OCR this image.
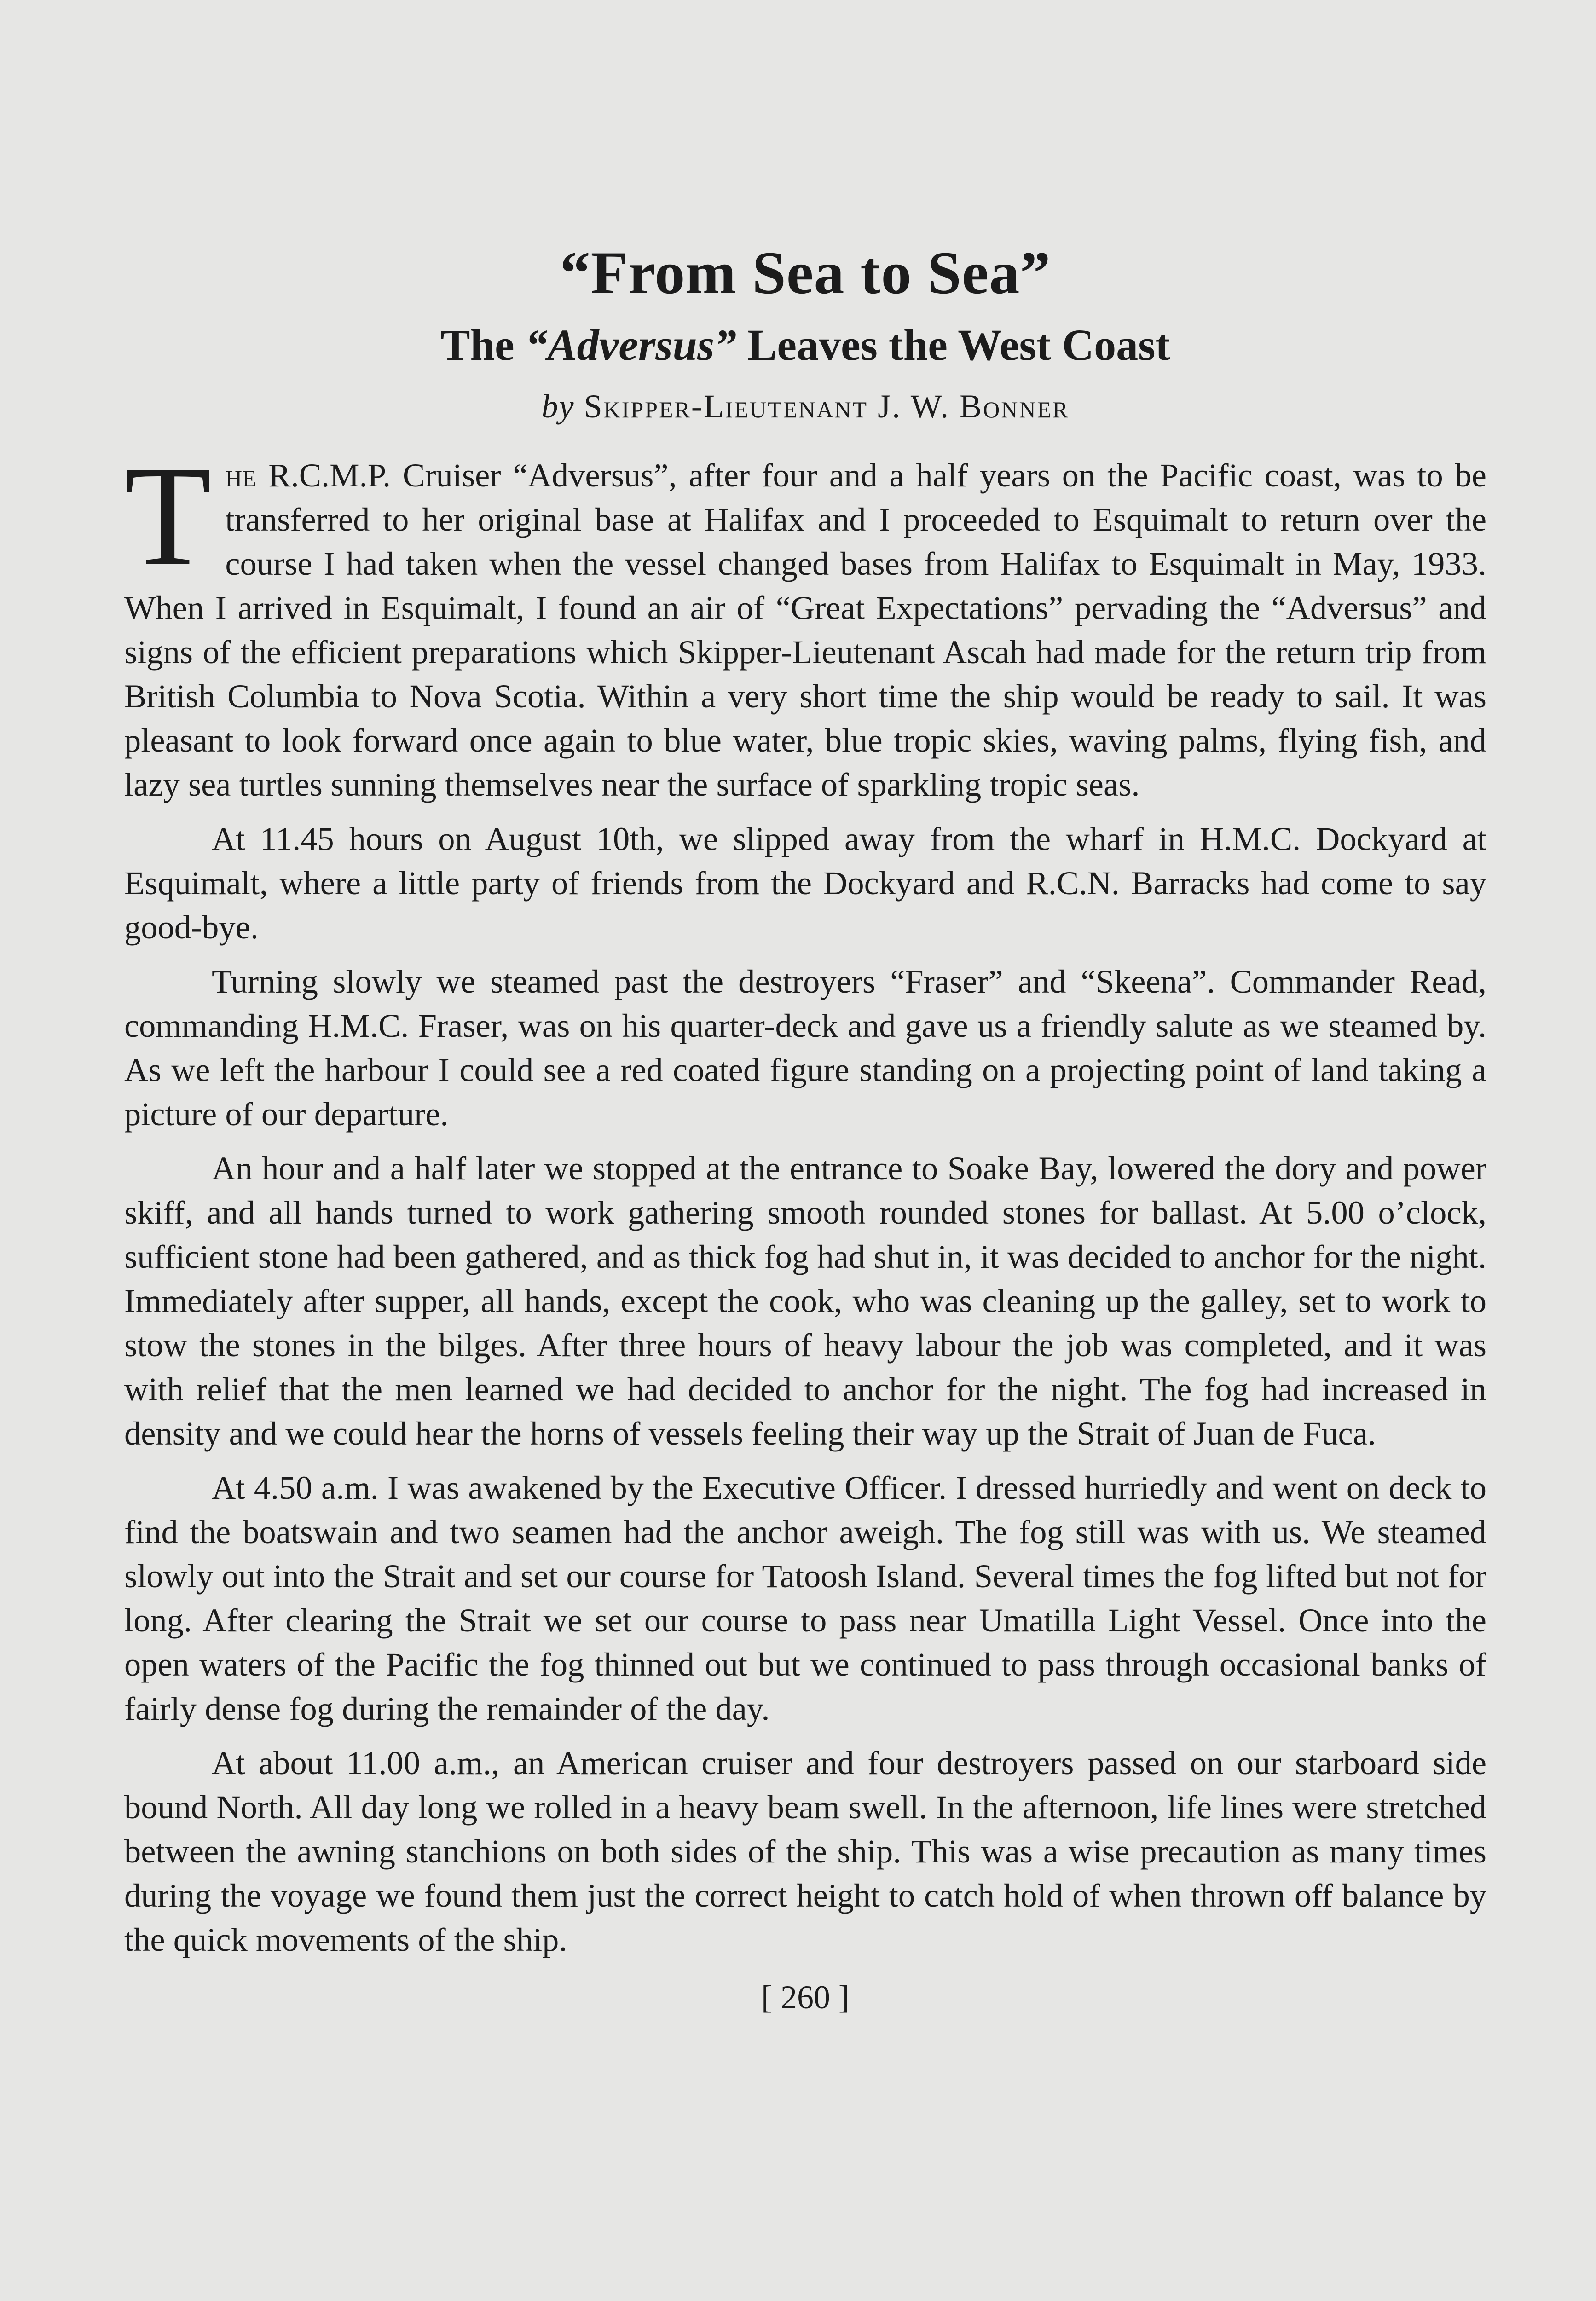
“From Sea to Sea”
The “Adversus” Leaves the West Coast
by Skipper-Lieutenant J. W. Bonner

The R.C.M.P. Cruiser “Adversus”, after four and a half years on the Pacific coast, was to be transferred to her original base at Halifax and I proceeded to Esquimalt to return over the course I had taken when the vessel changed bases from Halifax to Esquimalt in May, 1933. When I arrived in Esquimalt, I found an air of “Great Expectations” pervading the “Adversus” and signs of the efficient preparations which Skipper-Lieutenant Ascah had made for the return trip from British Columbia to Nova Scotia. Within a very short time the ship would be ready to sail. It was pleasant to look forward once again to blue water, blue tropic skies, waving palms, flying fish, and lazy sea turtles sunning themselves near the surface of sparkling tropic seas.

At 11.45 hours on August 10th, we slipped away from the wharf in H.M.C. Dockyard at Esquimalt, where a little party of friends from the Dockyard and R.C.N. Barracks had come to say good-bye.

Turning slowly we steamed past the destroyers “Fraser” and “Skeena”. Commander Read, commanding H.M.C. Fraser, was on his quarter-deck and gave us a friendly salute as we steamed by. As we left the harbour I could see a red coated figure standing on a projecting point of land taking a picture of our departure.

An hour and a half later we stopped at the entrance to Soake Bay, lowered the dory and power skiff, and all hands turned to work gathering smooth rounded stones for ballast. At 5.00 o’clock, sufficient stone had been gathered, and as thick fog had shut in, it was decided to anchor for the night. Immediately after supper, all hands, except the cook, who was cleaning up the galley, set to work to stow the stones in the bilges. After three hours of heavy labour the job was completed, and it was with relief that the men learned we had decided to anchor for the night. The fog had increased in density and we could hear the horns of vessels feeling their way up the Strait of Juan de Fuca.

At 4.50 a.m. I was awakened by the Executive Officer. I dressed hurriedly and went on deck to find the boatswain and two seamen had the anchor aweigh. The fog still was with us. We steamed slowly out into the Strait and set our course for Tatoosh Island. Several times the fog lifted but not for long. After clearing the Strait we set our course to pass near Umatilla Light Vessel. Once into the open waters of the Pacific the fog thinned out but we continued to pass through occasional banks of fairly dense fog during the remainder of the day.

At about 11.00 a.m., an American cruiser and four destroyers passed on our starboard side bound North. All day long we rolled in a heavy beam swell. In the afternoon, life lines were stretched between the awning stanchions on both sides of the ship. This was a wise precaution as many times during the voyage we found them just the correct height to catch hold of when thrown off balance by the quick movements of the ship.

[ 260 ]
